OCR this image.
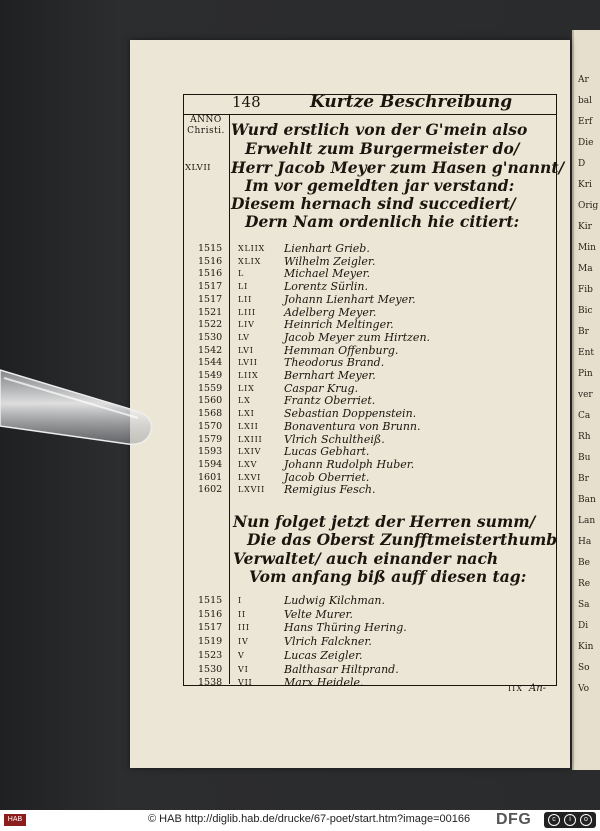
Ar
bal
Erf
Die
D
Kri
Orig
Kir
Min
Ma
Fib
Bic
Br
Ent
Pin
ver
Ca
Rh
Bu
Br
Ban
Lan
Ha
Be
Re
Sa
Di
Kin
So
Vo
148	Kurtze Beschreibung
ANNO
Christi.
XLVII
Wurd erstlich von der G'mein also
Erwehlt zum Burgermeister do/
Herr Jacob Meyer zum Hasen g'nannt/
Im vor gemeldten jar verstand:
Diesem hernach sind succediert/
Dern Nam ordenlich hie citiert:
1515	XLIIX	Lienhart Grieb.
1516	XLIX	Wilhelm Zeigler.
1516	L	Michael Meyer.
1517	LI	Lorentz Sürlin.
1517	LII	Johann Lienhart Meyer.
1521	LIII	Adelberg Meyer.
1522	LIV	Heinrich Meltinger.
1530	LV	Jacob Meyer zum Hirtzen.
1542	LVI	Hemman Offenburg.
1544	LVII	Theodorus Brand.
1549	LIIX	Bernhart Meyer.
1559	LIX	Caspar Krug.
1560	LX	Frantz Oberriet.
1568	LXI	Sebastian Doppenstein.
1570	LXII	Bonaventura von Brunn.
1579	LXIII	Vlrich Schultheiß.
1593	LXIV	Lucas Gebhart.
1594	LXV	Johann Rudolph Huber.
1601	LXVI	Jacob Oberriet.
1602	LXVII	Remigius Fesch.
Nun folget jetzt der Herren summ/
Die das Oberst Zunfftmeisterthumb
Verwaltet/ auch einander nach
Vom anfang biß auff diesen tag:
1515	I	Ludwig Kilchman.
1516	II	Velte Murer.
1517	III	Hans Thüring Hering.
1519	IV	Vlrich Falckner.
1523	V	Lucas Zeigler.
1530	VI	Balthasar Hiltprand.
1538	VII	Marx Heidele.	IIX An-
HAB	© HAB http://diglib.hab.de/drucke/67-poet/start.htm?image=00166 DFG	c	i	o
